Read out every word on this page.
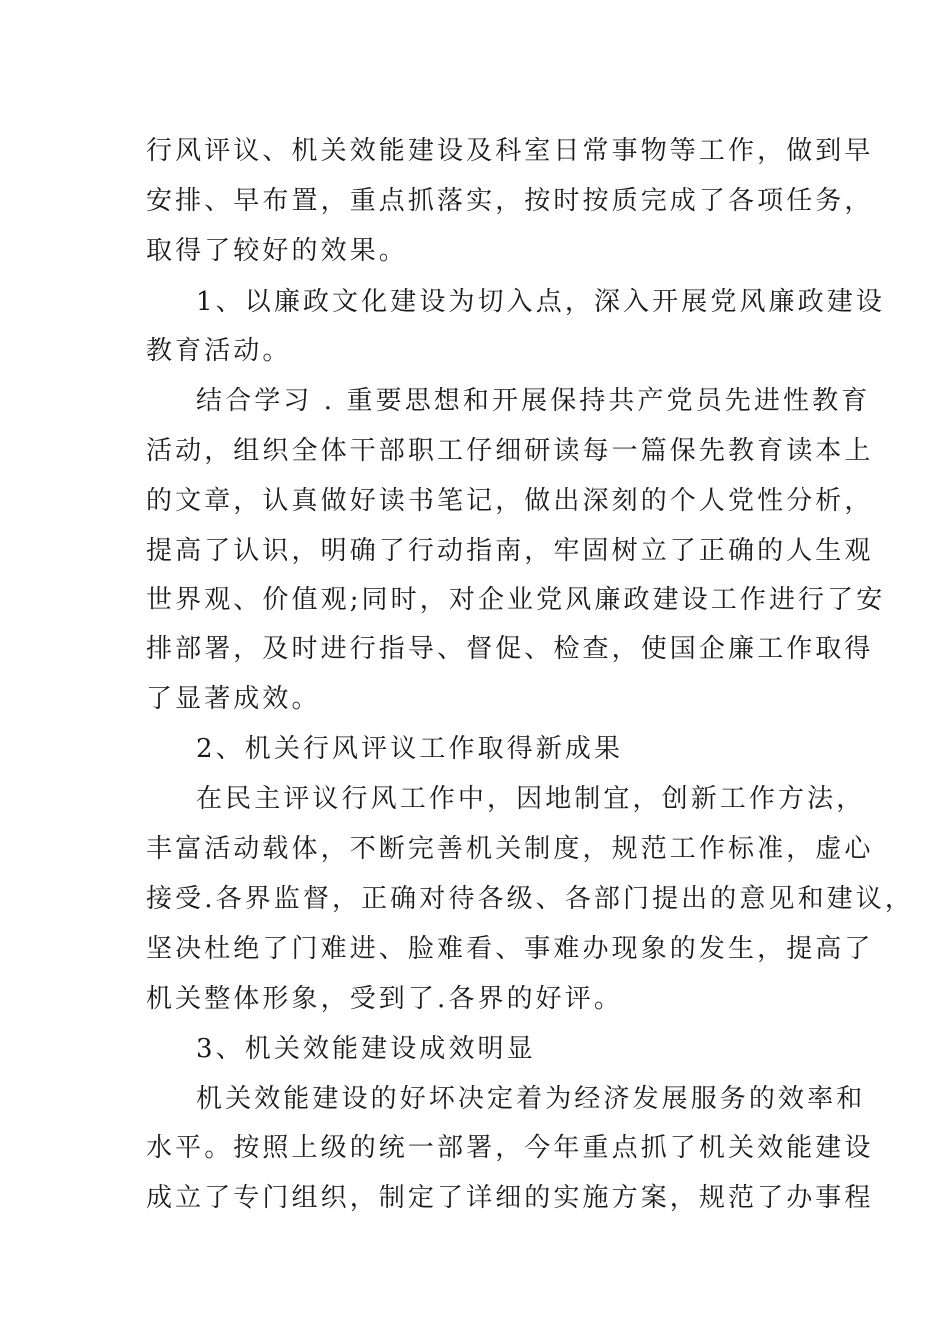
行风评议、机关效能建设及科室日常事物等工作，做到早
安排、早布置，重点抓落实，按时按质完成了各项任务，
取得了较好的效果。
1、以廉政文化建设为切入点，深入开展党风廉政建设
教育活动。
结合学习 . 重要思想和开展保持共产党员先进性教育
活动，组织全体干部职工仔细研读每一篇保先教育读本上
的文章，认真做好读书笔记，做出深刻的个人党性分析，
提高了认识，明确了行动指南，牢固树立了正确的人生观
世界观、价值观;同时，对企业党风廉政建设工作进行了安
排部署，及时进行指导、督促、检查，使国企廉工作取得
了显著成效。
2、机关行风评议工作取得新成果
在民主评议行风工作中，因地制宜，创新工作方法，
丰富活动载体，不断完善机关制度，规范工作标准，虚心
接受.各界监督，正确对待各级、各部门提出的意见和建议，
坚决杜绝了门难进、脸难看、事难办现象的发生，提高了
机关整体形象，受到了.各界的好评。
3、机关效能建设成效明显
机关效能建设的好坏决定着为经济发展服务的效率和
水平。按照上级的统一部署，今年重点抓了机关效能建设
成立了专门组织，制定了详细的实施方案，规范了办事程
